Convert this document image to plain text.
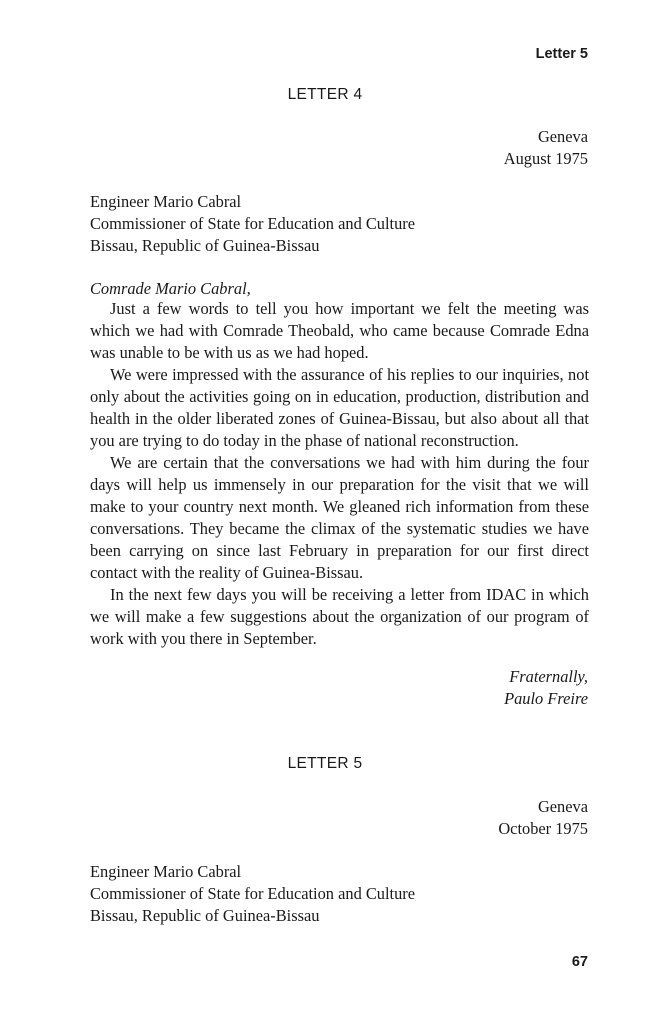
Letter 5
LETTER 4
Geneva
August 1975
Engineer Mario Cabral
Commissioner of State for Education and Culture
Bissau, Republic of Guinea-Bissau
Comrade Mario Cabral,

Just a few words to tell you how important we felt the meeting was which we had with Comrade Theobald, who came because Comrade Edna was unable to be with us as we had hoped.

We were impressed with the assurance of his replies to our inquiries, not only about the activities going on in education, production, distribution and health in the older liberated zones of Guinea-Bissau, but also about all that you are trying to do today in the phase of national reconstruction.

We are certain that the conversations we had with him during the four days will help us immensely in our preparation for the visit that we will make to your country next month. We gleaned rich information from these conversations. They became the climax of the systematic studies we have been carrying on since last February in preparation for our first direct contact with the reality of Guinea-Bissau.

In the next few days you will be receiving a letter from IDAC in which we will make a few suggestions about the organization of our program of work with you there in September.

Fraternally,
Paulo Freire
LETTER 5
Geneva
October 1975
Engineer Mario Cabral
Commissioner of State for Education and Culture
Bissau, Republic of Guinea-Bissau
67
